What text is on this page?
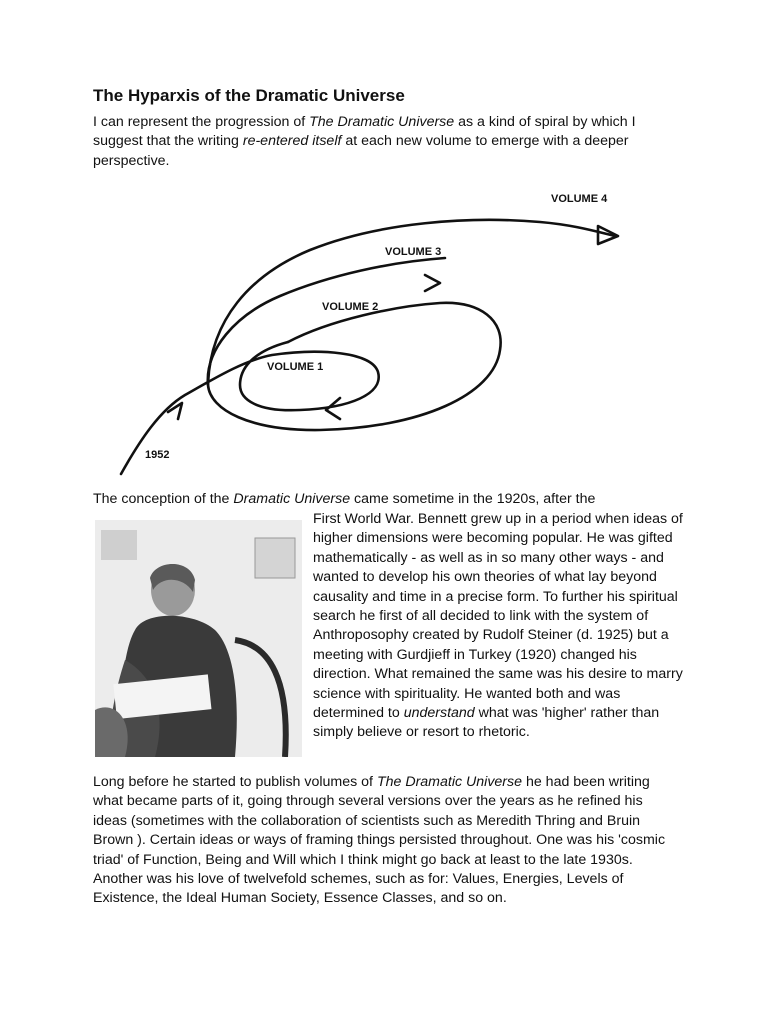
The Hyparxis of the Dramatic Universe

I can represent the progression of The Dramatic Universe as a kind of spiral by which I suggest that the writing re-entered itself at each new volume to emerge with a deeper perspective.

VOLUME 4
VOLUME 3
VOLUME 2
VOLUME 1
1952

The conception of the Dramatic Universe came sometime in the 1920s, after the

First World War. Bennett grew up in a period when ideas of higher dimensions were becoming popular. He was gifted mathematically - as well as in so many other ways - and wanted to develop his own theories of what lay beyond causality and time in a precise form. To further his spiritual search he first of all decided to link with the system of Anthroposophy created by Rudolf Steiner (d. 1925) but a meeting with Gurdjieff in Turkey (1920) changed his direction. What remained the same was his desire to marry science with spirituality. He wanted both and was determined to understand what was 'higher' rather than simply believe or resort to rhetoric.

Long before he started to publish volumes of The Dramatic Universe he had been writing what became parts of it, going through several versions over the years as he refined his ideas (sometimes with the collaboration of scientists such as Meredith Thring and Bruin Brown ). Certain ideas or ways of framing things persisted throughout. One was his 'cosmic triad' of Function, Being and Will which I think might go back at least to the late 1930s. Another was his love of twelvefold schemes, such as for: Values, Energies, Levels of Existence, the Ideal Human Society, Essence Classes, and so on.
